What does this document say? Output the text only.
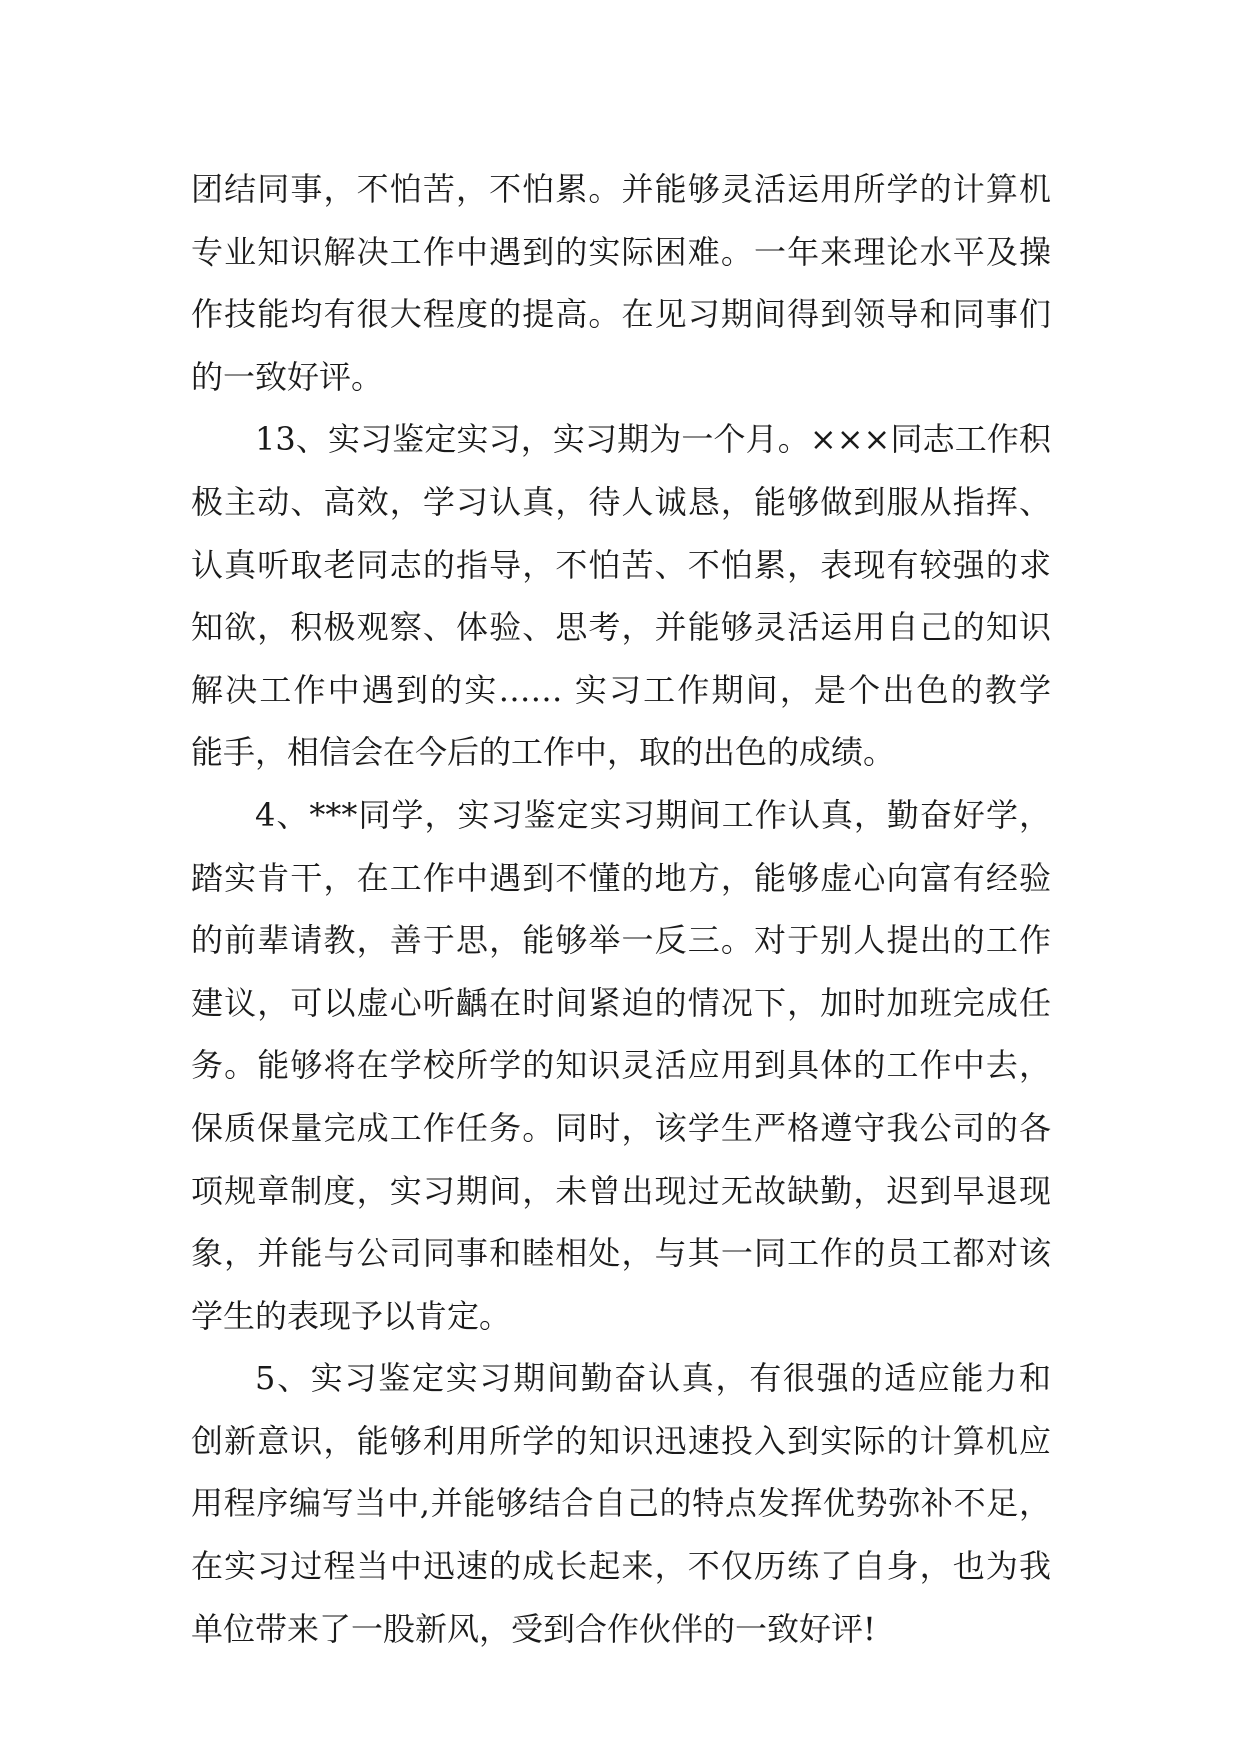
团结同事，不怕苦，不怕累。并能够灵活运用所学的计算机
专业知识解决工作中遇到的实际困难。一年来理论水平及操
作技能均有很大程度的提高。在见习期间得到领导和同事们
的一致好评。
13、实习鉴定实习，实习期为一个月。×××同志工作积
极主动、高效，学习认真，待人诚恳，能够做到服从指挥、
认真听取老同志的指导，不怕苦、不怕累，表现有较强的求
知欲，积极观察、体验、思考，并能够灵活运用自己的知识
解决工作中遇到的实…… 实习工作期间，是个出色的教学
能手，相信会在今后的工作中，取的出色的成绩。
4、***同学，实习鉴定实习期间工作认真，勤奋好学，
踏实肯干，在工作中遇到不懂的地方，能够虚心向富有经验
的前辈请教，善于思，能够举一反三。对于别人提出的工作
建议，可以虚心听齲在时间紧迫的情况下，加时加班完成任
务。能够将在学校所学的知识灵活应用到具体的工作中去，
保质保量完成工作任务。同时，该学生严格遵守我公司的各
项规章制度，实习期间，未曾出现过无故缺勤，迟到早退现
象，并能与公司同事和睦相处，与其一同工作的员工都对该
学生的表现予以肯定。
5、实习鉴定实习期间勤奋认真，有很强的适应能力和
创新意识，能够利用所学的知识迅速投入到实际的计算机应
用程序编写当中,并能够结合自己的特点发挥优势弥补不足，
在实习过程当中迅速的成长起来，不仅历练了自身，也为我
单位带来了一股新风，受到合作伙伴的一致好评!
